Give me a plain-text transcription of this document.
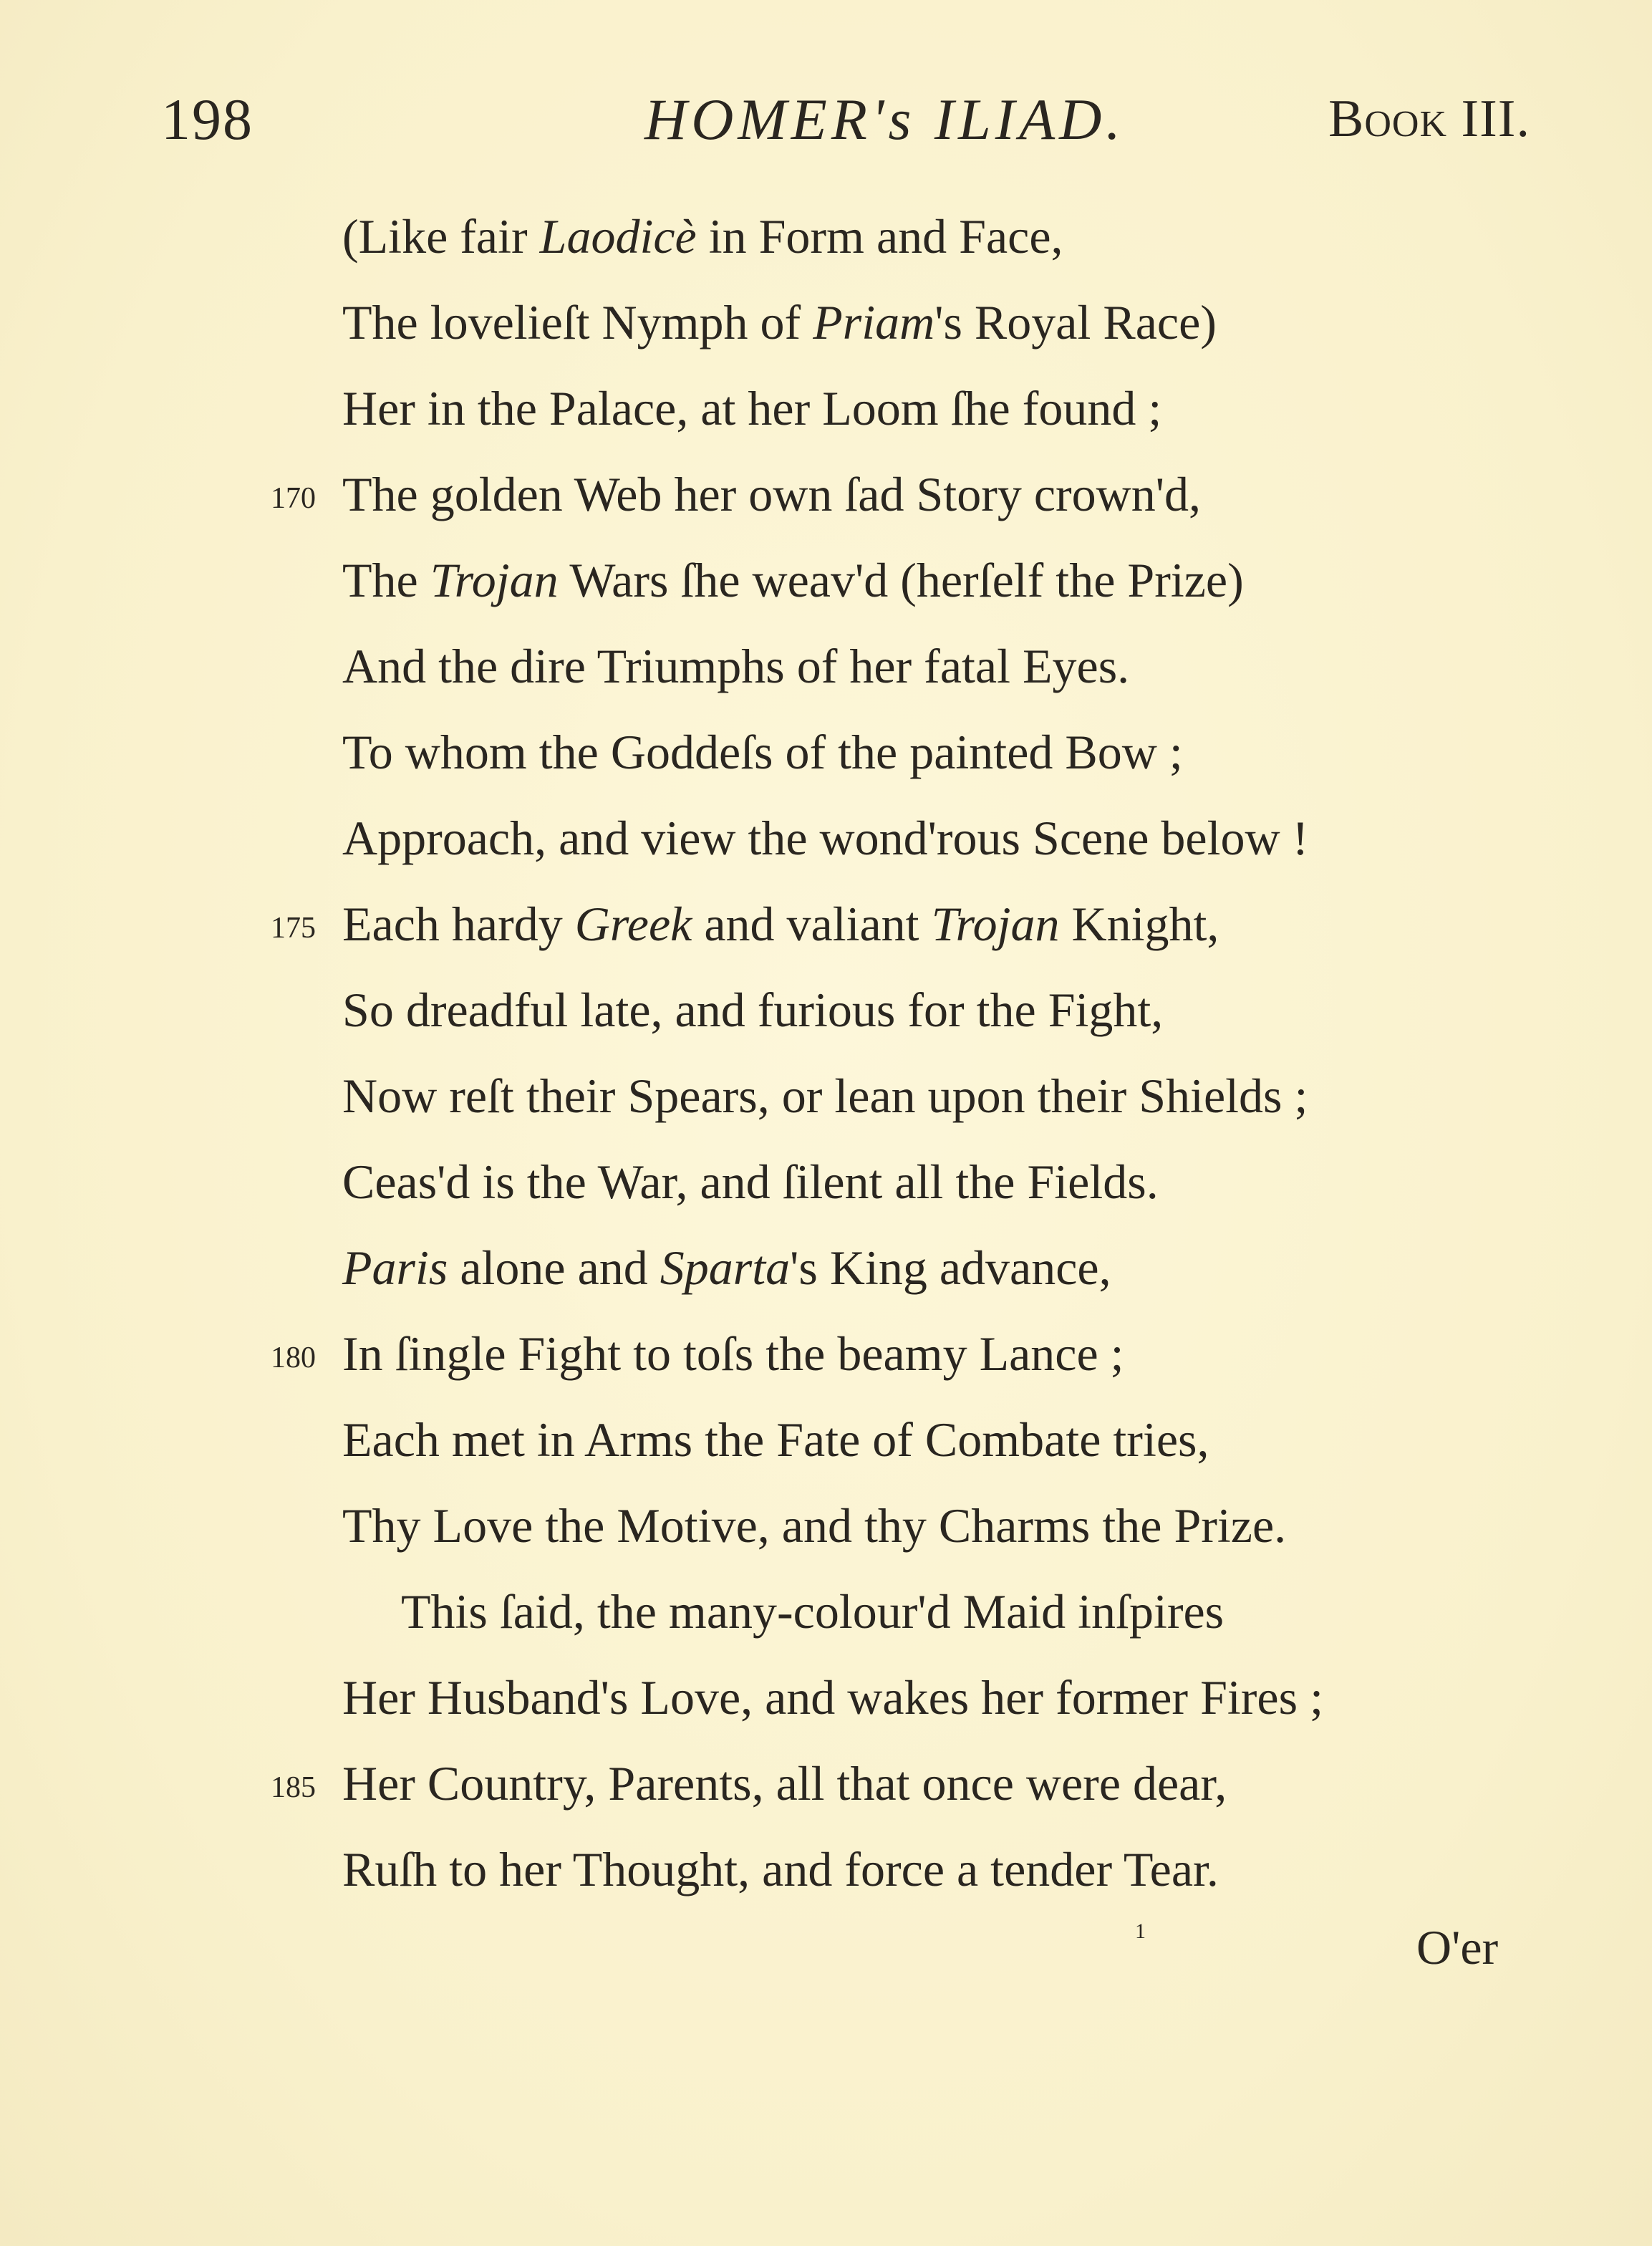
198	HOMER's ILIAD.	Book III.
(Like fair Laodicè in Form and Face,
The lovelieſt Nymph of Priam's Royal Race)
Her in the Palace, at her Loom ſhe found ;
170 The golden Web her own ſad Story crown'd,
The Trojan Wars ſhe weav'd (herſelf the Prize)
And the dire Triumphs of her fatal Eyes.
To whom the Goddeſs of the painted Bow ;
Approach, and view the wond'rous Scene below !
175 Each hardy Greek and valiant Trojan Knight,
So dreadful late, and furious for the Fight,
Now reſt their Spears, or lean upon their Shields ;
Ceas'd is the War, and ſilent all the Fields.
Paris alone and Sparta's King advance,
180 In ſingle Fight to toſs the beamy Lance ;
Each met in Arms the Fate of Combate tries,
Thy Love the Motive, and thy Charms the Prize.
This ſaid, the many-colour'd Maid inſpires
Her Husband's Love, and wakes her former Fires ;
185 Her Country, Parents, all that once were dear,
Ruſh to her Thought, and force a tender Tear.
1	O'er
